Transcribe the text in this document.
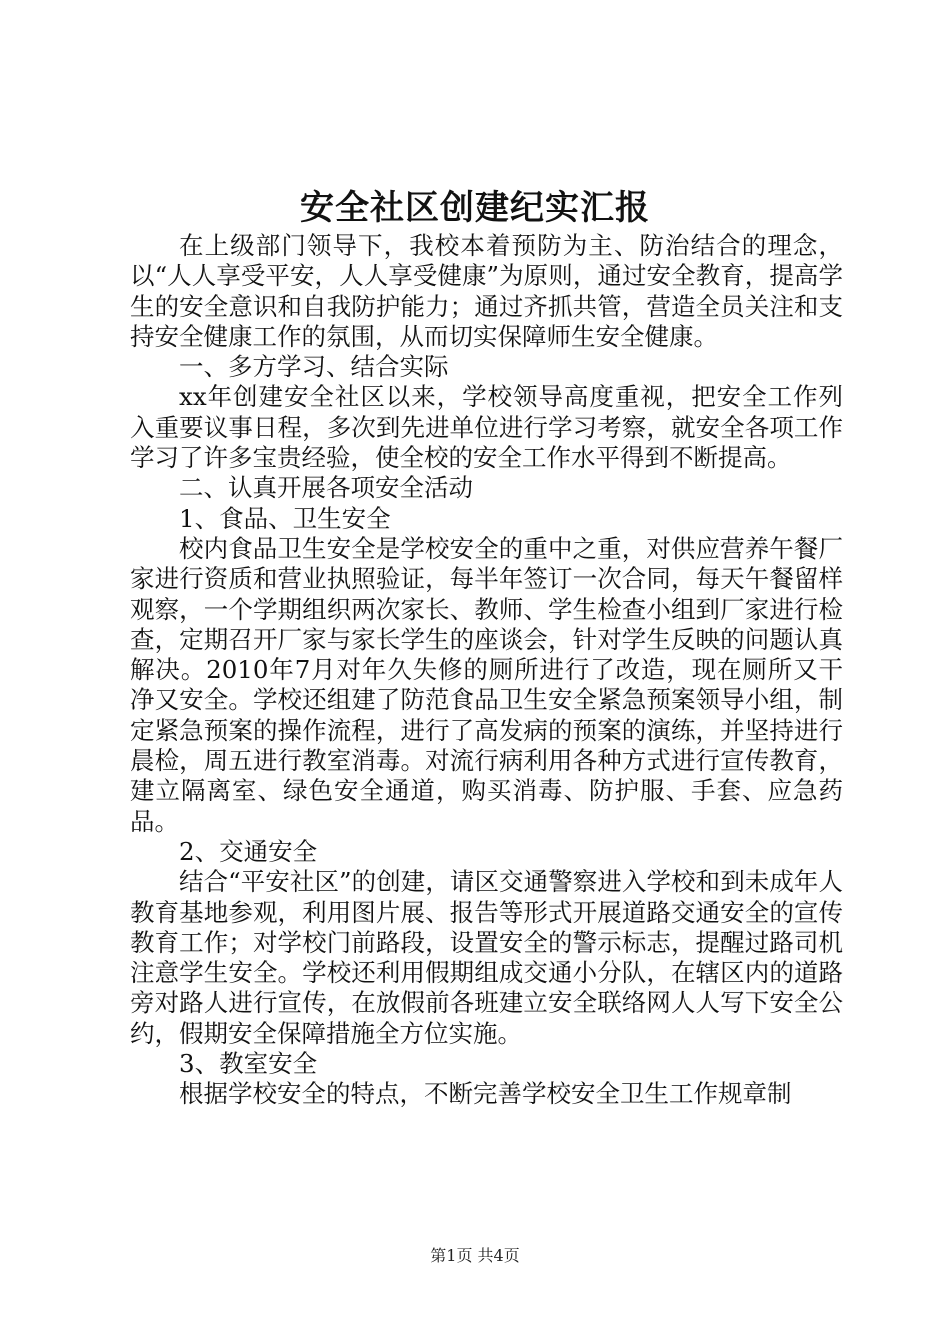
安全社区创建纪实汇报

在上级部门领导下，我校本着预防为主、防治结合的理念，以“人人享受平安，人人享受健康”为原则，通过安全教育，提高学生的安全意识和自我防护能力；通过齐抓共管，营造全员关注和支持安全健康工作的氛围，从而切实保障师生安全健康。

一、多方学习、结合实际

xx年创建安全社区以来，学校领导高度重视，把安全工作列入重要议事日程，多次到先进单位进行学习考察，就安全各项工作学习了许多宝贵经验，使全校的安全工作水平得到不断提高。

二、认真开展各项安全活动

1、食品、卫生安全

校内食品卫生安全是学校安全的重中之重，对供应营养午餐厂家进行资质和营业执照验证，每半年签订一次合同，每天午餐留样观察，一个学期组织两次家长、教师、学生检查小组到厂家进行检查，定期召开厂家与家长学生的座谈会，针对学生反映的问题认真解决。2010年7月对年久失修的厕所进行了改造，现在厕所又干净又安全。学校还组建了防范食品卫生安全紧急预案领导小组，制定紧急预案的操作流程，进行了高发病的预案的演练，并坚持进行晨检，周五进行教室消毒。对流行病利用各种方式进行宣传教育，建立隔离室、绿色安全通道，购买消毒、防护服、手套、应急药品。

2、交通安全

结合“平安社区”的创建，请区交通警察进入学校和到未成年人教育基地参观，利用图片展、报告等形式开展道路交通安全的宣传教育工作；对学校门前路段，设置安全的警示标志，提醒过路司机注意学生安全。学校还利用假期组成交通小分队，在辖区内的道路旁对路人进行宣传，在放假前各班建立安全联络网人人写下安全公约，假期安全保障措施全方位实施。

3、教室安全

根据学校安全的特点，不断完善学校安全卫生工作规章制

第1页 共4页
